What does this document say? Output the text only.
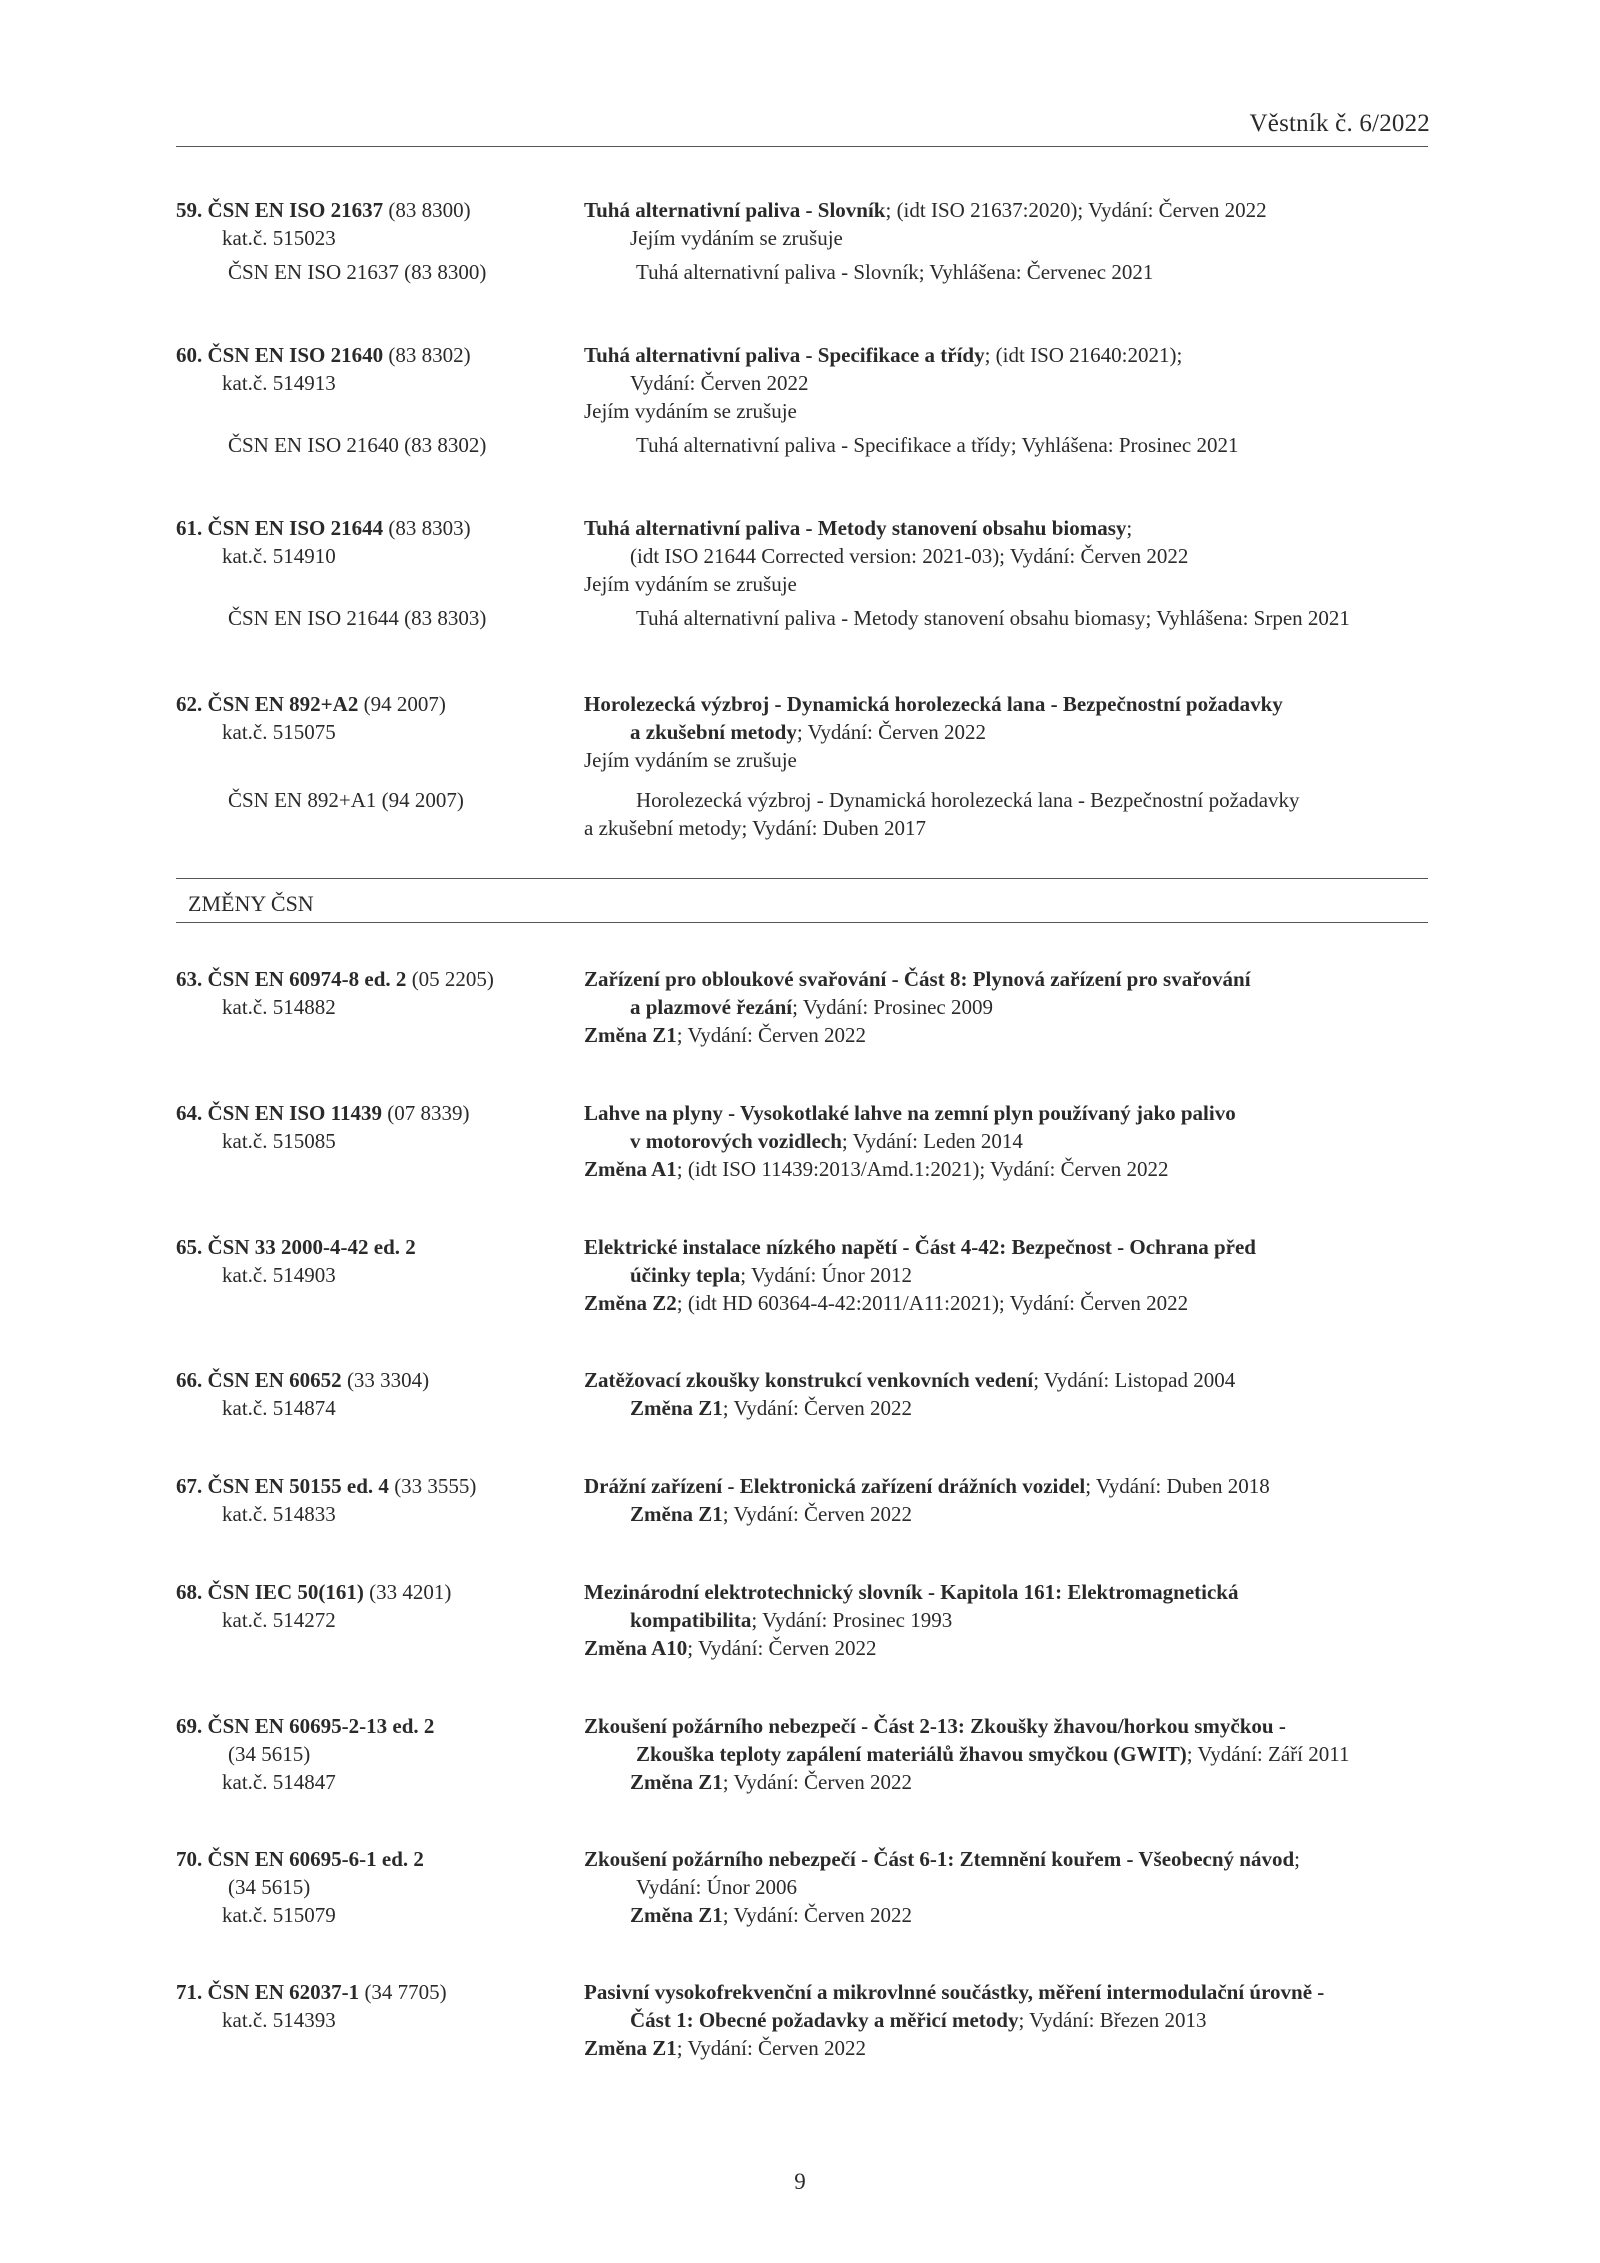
Věstník č. 6/2022
59. ČSN EN ISO 21637 (83 8300)	Tuhá alternativní paliva - Slovník; (idt ISO 21637:2020); Vydání: Červen 2022
kat.č. 515023	Jejím vydáním se zrušuje
ČSN EN ISO 21637 (83 8300)	Tuhá alternativní paliva - Slovník; Vyhlášena: Červenec 2021
60. ČSN EN ISO 21640 (83 8302)	Tuhá alternativní paliva - Specifikace a třídy; (idt ISO 21640:2021);
kat.č. 514913	Vydání: Červen 2022
Jejím vydáním se zrušuje
ČSN EN ISO 21640 (83 8302)	Tuhá alternativní paliva - Specifikace a třídy; Vyhlášena: Prosinec 2021
61. ČSN EN ISO 21644 (83 8303)	Tuhá alternativní paliva - Metody stanovení obsahu biomasy;
kat.č. 514910	(idt ISO 21644 Corrected version: 2021-03); Vydání: Červen 2022
Jejím vydáním se zrušuje
ČSN EN ISO 21644 (83 8303)	Tuhá alternativní paliva - Metody stanovení obsahu biomasy; Vyhlášena: Srpen 2021
62. ČSN EN 892+A2 (94 2007)	Horolezecká výzbroj - Dynamická horolezecká lana - Bezpečnostní požadavky
kat.č. 515075	a zkušební metody; Vydání: Červen 2022
Jejím vydáním se zrušuje
ČSN EN 892+A1 (94 2007)	Horolezecká výzbroj - Dynamická horolezecká lana - Bezpečnostní požadavky
a zkušební metody; Vydání: Duben 2017
ZMĚNY ČSN
63. ČSN EN 60974-8 ed. 2 (05 2205)	Zařízení pro obloukové svařování - Část 8: Plynová zařízení pro svařování
kat.č. 514882	a plazmové řezání; Vydání: Prosinec 2009
Změna Z1; Vydání: Červen 2022
64. ČSN EN ISO 11439 (07 8339)	Lahve na plyny - Vysokotlaké lahve na zemní plyn používaný jako palivo
kat.č. 515085	v motorových vozidlech; Vydání: Leden 2014
Změna A1; (idt ISO 11439:2013/Amd.1:2021); Vydání: Červen 2022
65. ČSN 33 2000-4-42 ed. 2	Elektrické instalace nízkého napětí - Část 4-42: Bezpečnost - Ochrana před
kat.č. 514903	účinky tepla; Vydání: Únor 2012
Změna Z2; (idt HD 60364-4-42:2011/A11:2021); Vydání: Červen 2022
66. ČSN EN 60652 (33 3304)	Zatěžovací zkoušky konstrukcí venkovních vedení; Vydání: Listopad 2004
kat.č. 514874	Změna Z1; Vydání: Červen 2022
67. ČSN EN 50155 ed. 4 (33 3555)	Drážní zařízení - Elektronická zařízení drážních vozidel; Vydání: Duben 2018
kat.č. 514833	Změna Z1; Vydání: Červen 2022
68. ČSN IEC 50(161) (33 4201)	Mezinárodní elektrotechnický slovník - Kapitola 161: Elektromagnetická
kat.č. 514272	kompatibilita; Vydání: Prosinec 1993
Změna A10; Vydání: Červen 2022
69. ČSN EN 60695-2-13 ed. 2	Zkoušení požárního nebezpečí - Část 2-13: Zkoušky žhavou/horkou smyčkou -
(34 5615)	Zkouška teploty zapálení materiálů žhavou smyčkou (GWIT); Vydání: Září 2011
kat.č. 514847	Změna Z1; Vydání: Červen 2022
70. ČSN EN 60695-6-1 ed. 2	Zkoušení požárního nebezpečí - Část 6-1: Ztemnění kouřem - Všeobecný návod;
(34 5615)	Vydání: Únor 2006
kat.č. 515079	Změna Z1; Vydání: Červen 2022
71. ČSN EN 62037-1 (34 7705)	Pasivní vysokofrekvenční a mikrovlnné součástky, měření intermodulační úrovně -
kat.č. 514393	Část 1: Obecné požadavky a měřicí metody; Vydání: Březen 2013
Změna Z1; Vydání: Červen 2022
9
